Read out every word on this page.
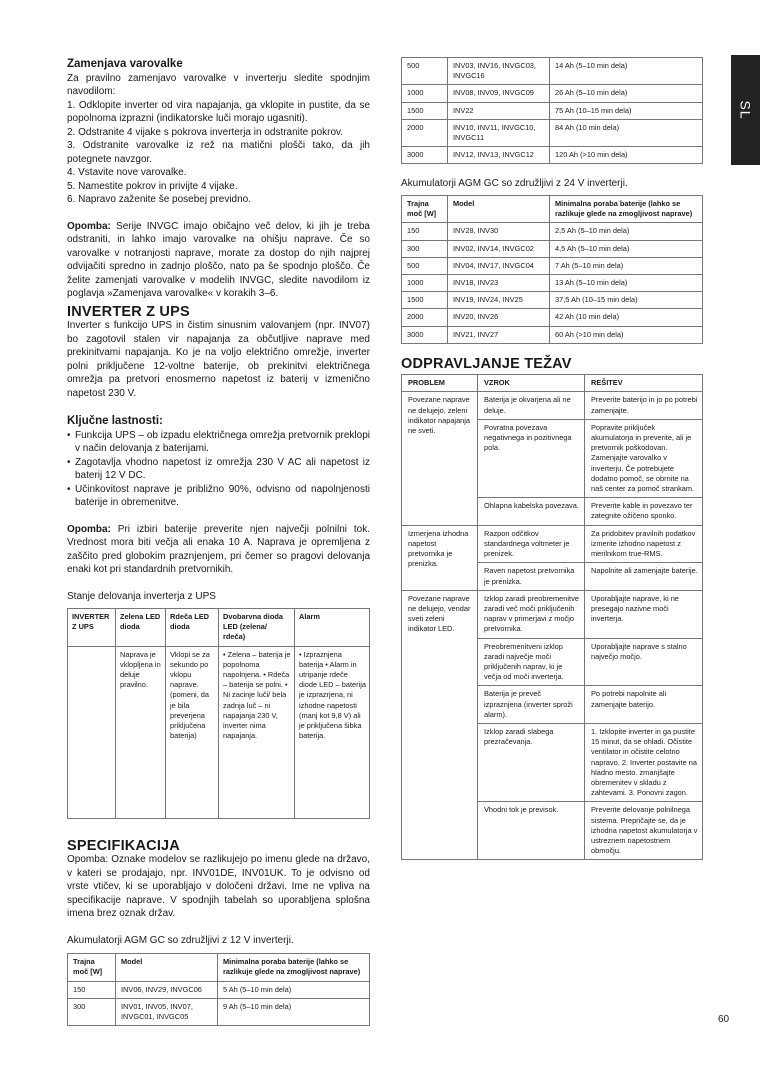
SL
60
Zamenjava varovalke

Za pravilno zamenjavo varovalke v inverterju sledite spodnjim navodilom:

1. Odklopite inverter od vira napajanja, ga vklopite in pustite, da se popolnoma izprazni (indikatorske luči morajo ugasniti).

2. Odstranite 4 vijake s pokrova inverterja in odstranite pokrov.

3. Odstranite varovalke iz rež na matični plošči tako, da jih potegnete navzgor.

4. Vstavite nove varovalke.

5. Namestite pokrov in privijte 4 vijake.

6. Napravo zaženite še posebej previdno.

Opomba: Serije INVGC imajo običajno več delov, ki jih je treba odstraniti, in lahko imajo varovalke na ohišju naprave. Če so varovalke v notranjosti naprave, morate za dostop do njih najprej odvijačiti spredno in zadnjo ploščo, nato pa še spodnjo ploščo. Če želite zamenjati varovalke v modelih INVGC, sledite navodilom iz poglavja »Zamenjava varovalke« v korakih 3–6.

INVERTER Z UPS

Inverter s funkcijo UPS in čistim sinusnim valovanjem (npr. INV07) bo zagotovil stalen vir napajanja za občutljive naprave med prekinitvami napajanja. Ko je na voljo električno omrežje, inverter polni priključene 12-voltne baterije, ob prekinitvi električnega omrežja pa pretvori enosmerno napetost iz baterij v izmenično napetost 230 V.

Ključne lastnosti:
• Funkcija UPS – ob izpadu električnega omrežja pretvornik preklopi v način delovanja z baterijami.
• Zagotavlja vhodno napetost iz omrežja 230 V AC ali napetost iz baterij 12 V DC.
• Učinkovitost naprave je približno 90%, odvisno od napolnjenosti baterije in obremenitve.

Opomba: Pri izbiri baterije preverite njen največji polnilni tok. Vrednost mora biti večja ali enaka 10 A. Naprava je opremljena z zaščito pred globokim praznjenjem, pri čemer so pragovi delovanja enaki kot pri standardnih pretvornikih.

Stanje delovanja inverterja z UPS

INVERTER Z UPS	Zelena LED dioda	Rdeča LED dioda	Dvobarvna dioda LED (zelena/ rdeča)	Alarm
	Naprava je vklopljena in deluje pravilno.	Vklopi se za sekundo po vklopu naprave. (pomeni, da je bila preverjena priključena baterija)	• Zelena – baterija je popolnoma napolnjena. • Rdeča – baterija se polni. • Ni zacinje luči/ bela zadnja luč – ni napajanja 230 V, inverter nima napajanja.	• Izpraznjena baterija • Alarm in utripanje rdeče diode LED – baterija je izprazrjena, ni izhodne napetosti (manj kot 9,8 V) ali je priključena šibka baterija.
SPECIFIKACIJA

Opomba: Oznake modelov se razlikujejo po imenu glede na državo, v kateri se prodajajo, npr. INV01DE, INV01UK. To je odvisno od vrste vtičev, ki se uporabljajo v določeni državi. Ime ne vpliva na specifikacije naprave. V spodnjih tabelah so uporabljena splošna imena brez oznak držav.

Akumulatorji AGM GC so združljivi z 12 V inverterji.

Trajna moč [W]	Model	Minimalna poraba baterije (lahko se razlikuje glede na zmogljivost naprave)
150	INV06, INV29, INVGC06	5 Ah (5–10 min dela)
300	INV01, INV05, INV07, INVGC01, INVGC05	9 Ah (5–10 min dela)
500	INV03, INV16, INVGC03, INVGC16	14 Ah (5–10 min dela)
1000	INV08, INV09, INVGC09	26 Ah (5–10 min dela)
1500	INV22	75 Ah (10–15 min dela)
2000	INV10, INV11, INVGC10, INVGC11	84 Ah (10 min dela)
3000	INV12, INV13, INVGC12	120 Ah (>10 min dela)

Akumulatorji AGM GC so združljivi z 24 V inverterji.

Trajna moč [W]	Model	Minimalna poraba baterije (lahko se razlikuje glede na zmogljivost naprave)
150	INV28, INV30	2,5 Ah (5–10 min dela)
300	INV02, INV14, INVGC02	4,5 Ah (5–10 min dela)
500	INV04, INV17, INVGC04	7 Ah (5–10 min dela)
1000	INV18, INV23	13 Ah (5–10 min dela)
1500	INV19, INV24, INV25	37,5 Ah (10–15 min dela)
2000	INV20, INV26	42 Ah (10 min dela)
3000	INV21, INV27	60 Ah (>10 min dela)
ODPRAVLJANJE TEŽAV
PROBLEM	VZROK	REŠITEV
Povezane naprave ne delujejo, zeleni indikator napajanja ne sveti.	Baterija je okvarjena ali ne deluje.	Preverite baterijo in jo po potrebi zamenjajte.
	Povratna povezava negativnega in pozitivnega pola.	Popravite priključek akumulatorja in preverite, ali je pretvornik poškodovan. Zamenjajte varovalko v inverterju. Če potrebujete dodatno pomoč, se obrnite na naš center za pomoč strankam.
	Ohlapna kabelska povezava.	Preverite kable in povezavo ter zategnite ožičeno sponko.
Izmerjena izhodna napetost pretvornika je prenizka.	Razpon odčitkov standardnega voltmeter je prenizek.	Za pridobitev pravilnih podatkov izmerite izhodno napetost z merilnikom true-RMS.
	Raven napetost pretvornika je prenizka.	Napolnite ali zamenjajte baterije.
Povezane naprave ne delujejo, vendar sveti zeleni indikator LED.	Izklop zaradi preobremenitve zaradi več moči priključenih naprav v primerjavi z močjo pretvornika.	Uporabljajte naprave, ki ne presegajo nazivne moči inverterja.
	Preobremenitveni izklop zaradi največje moči priključenih naprav, ki je večja od moči inverterja.	Uporabljajte naprave s stalno največjo močjo.
	Baterija je preveč izpraznjena (inverter sproži alarm).	Po potrebi napolnite ali zamenjajte baterijo.
	Izklop zaradi slabega prezračevanja.	1. Izklopite inverter in ga pustite 15 minut, da se ohladi. Očistite ventilator in očistite celotno napravo. 2. Inverter postavite na hladno mesto. zmanjšajte obremenitev v skladu z zahtevami. 3. Ponovni zagon.
	Vhodni tok je previsok.	Preverite delovanje polnilnega sistema. Prepričajte se, da je izhodna napetost akumulatorja v ustreznem napetostnem območju.
